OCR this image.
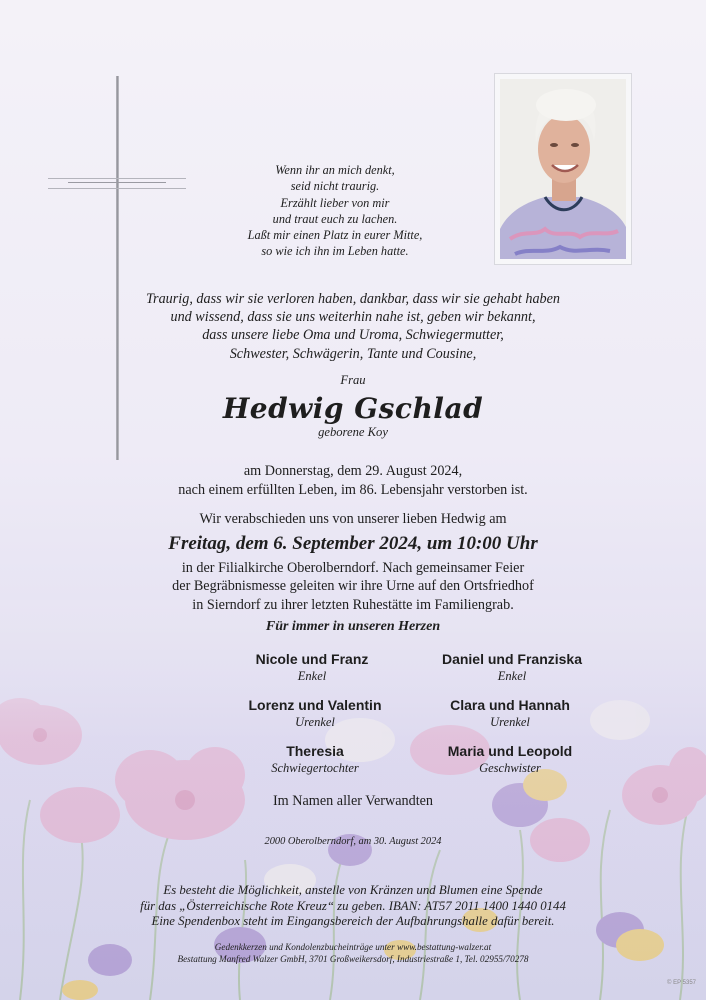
Wenn ihr an mich denkt,
seid nicht traurig.
Erzählt lieber von mir
und traut euch zu lachen.
Laßt mir einen Platz in eurer Mitte,
so wie ich ihn im Leben hatte.
Traurig, dass wir sie verloren haben, dankbar, dass wir sie gehabt haben
und wissend, dass sie uns weiterhin nahe ist, geben wir bekannt,
dass unsere liebe Oma und Uroma, Schwiegermutter,
Schwester, Schwägerin, Tante und Cousine,
Frau
Hedwig Gschlad
geborene Koy
am Donnerstag, dem 29. August 2024,
nach einem erfüllten Leben, im 86. Lebensjahr verstorben ist.
Wir verabschieden uns von unserer lieben Hedwig am
Freitag, dem 6. September 2024, um 10:00 Uhr
in der Filialkirche Oberolberndorf. Nach gemeinsamer Feier
der Begräbnismesse geleiten wir ihre Urne auf den Ortsfriedhof
in Sierndorf zu ihrer letzten Ruhestätte im Familiengrab.
Für immer in unseren Herzen
Nicole und Franz
Enkel
Daniel und Franziska
Enkel
Lorenz und Valentin
Urenkel
Clara und Hannah
Urenkel
Theresia
Schwiegertochter
Maria und Leopold
Geschwister
Im Namen aller Verwandten
2000 Oberolberndorf, am 30. August 2024
Es besteht die Möglichkeit, anstelle von Kränzen und Blumen eine Spende
für das „Österreichische Rote Kreuz“ zu geben. IBAN: AT57 2011 1400 1440 0144
Eine Spendenbox steht im Eingangsbereich der Aufbahrungshalle dafür bereit.
Gedenkkerzen und Kondolenzbucheinträge unter www.bestattung-walzer.at
Bestattung Manfred Walzer GmbH, 3701 Großweikersdorf, Industriestraße 1, Tel. 02955/70278
© EP 5357
